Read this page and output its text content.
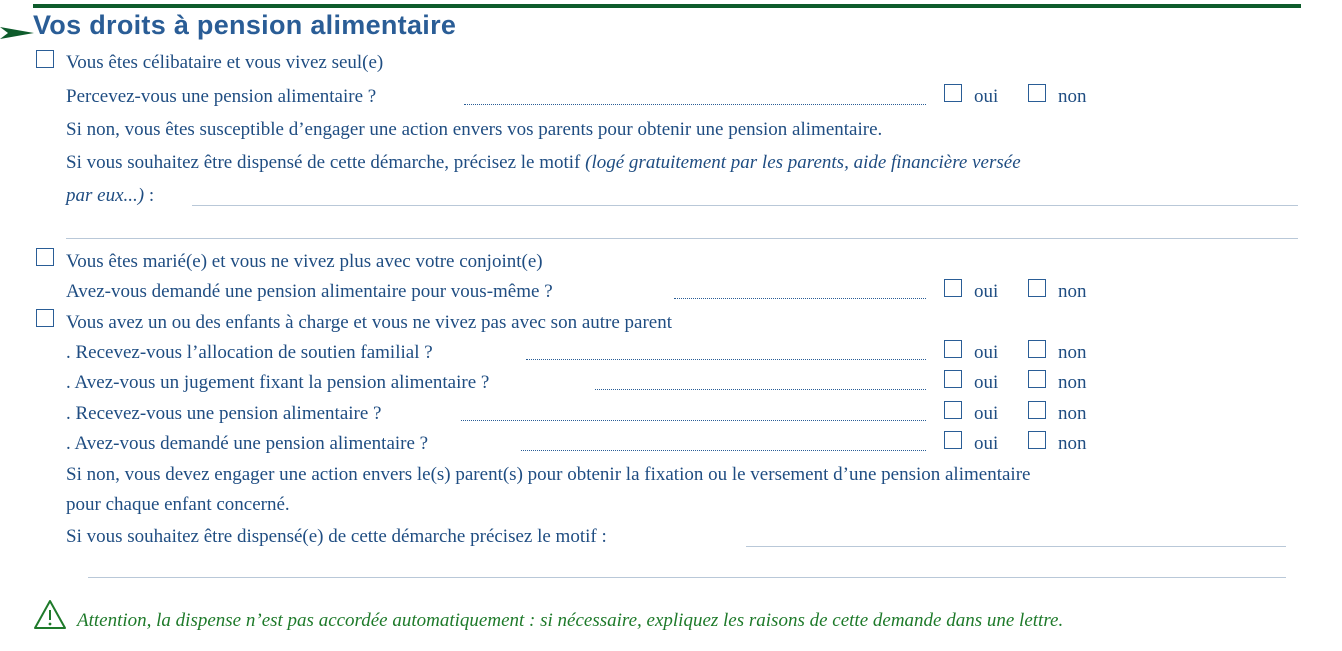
Vos droits à pension alimentaire
Vous êtes célibataire et vous vivez seul(e)
Percevez-vous une pension alimentaire ?	oui	non
Si non, vous êtes susceptible d’engager une action envers vos parents pour obtenir une pension alimentaire.
Si vous souhaitez être dispensé de cette démarche, précisez le motif (logé gratuitement par les parents, aide financière versée
par eux...) :
Vous êtes marié(e) et vous ne vivez plus avec votre conjoint(e)
Avez-vous demandé une pension alimentaire pour vous-même ?	oui	non
Vous avez un ou des enfants à charge et vous ne vivez pas avec son autre parent
. Recevez-vous l’allocation de soutien familial ?	oui	non
. Avez-vous un jugement fixant la pension alimentaire ?	oui	non
. Recevez-vous une pension alimentaire ?	oui	non
. Avez-vous demandé une pension alimentaire ?	oui	non
Si non, vous devez engager une action envers le(s) parent(s) pour obtenir la fixation ou le versement d’une pension alimentaire
pour chaque enfant concerné.
Si vous souhaitez être dispensé(e) de cette démarche précisez le motif :
Attention, la dispense n’est pas accordée automatiquement : si nécessaire, expliquez les raisons de cette demande dans une lettre.
